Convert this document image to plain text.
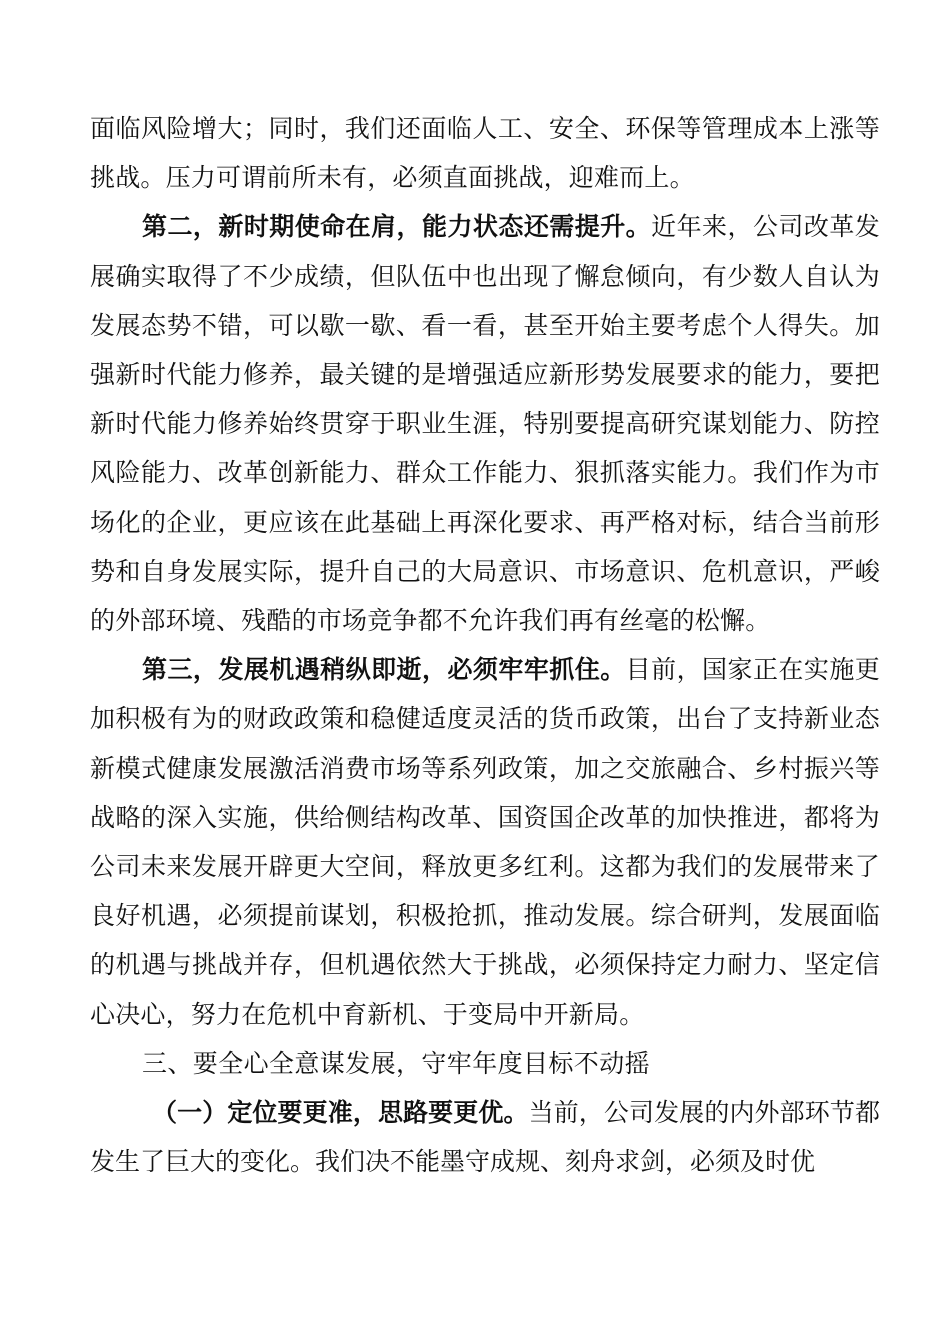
面临风险增大；同时，我们还面临人工、安全、环保等管理成本上涨等挑战。压力可谓前所未有，必须直面挑战，迎难而上。

第二，新时期使命在肩，能力状态还需提升。近年来，公司改革发展确实取得了不少成绩，但队伍中也出现了懈怠倾向，有少数人自认为发展态势不错，可以歇一歇、看一看，甚至开始主要考虑个人得失。加强新时代能力修养，最关键的是增强适应新形势发展要求的能力，要把新时代能力修养始终贯穿于职业生涯，特别要提高研究谋划能力、防控风险能力、改革创新能力、群众工作能力、狠抓落实能力。我们作为市场化的企业，更应该在此基础上再深化要求、再严格对标，结合当前形势和自身发展实际，提升自己的大局意识、市场意识、危机意识，严峻的外部环境、残酷的市场竞争都不允许我们再有丝毫的松懈。

第三，发展机遇稍纵即逝，必须牢牢抓住。目前，国家正在实施更加积极有为的财政政策和稳健适度灵活的货币政策，出台了支持新业态新模式健康发展激活消费市场等系列政策，加之交旅融合、乡村振兴等战略的深入实施，供给侧结构改革、国资国企改革的加快推进，都将为公司未来发展开辟更大空间，释放更多红利。这都为我们的发展带来了良好机遇，必须提前谋划，积极抢抓，推动发展。综合研判，发展面临的机遇与挑战并存，但机遇依然大于挑战，必须保持定力耐力、坚定信心决心，努力在危机中育新机、于变局中开新局。

三、要全心全意谋发展，守牢年度目标不动摇

（一）定位要更准，思路要更优。当前，公司发展的内外部环节都发生了巨大的变化。我们决不能墨守成规、刻舟求剑，必须及时优
